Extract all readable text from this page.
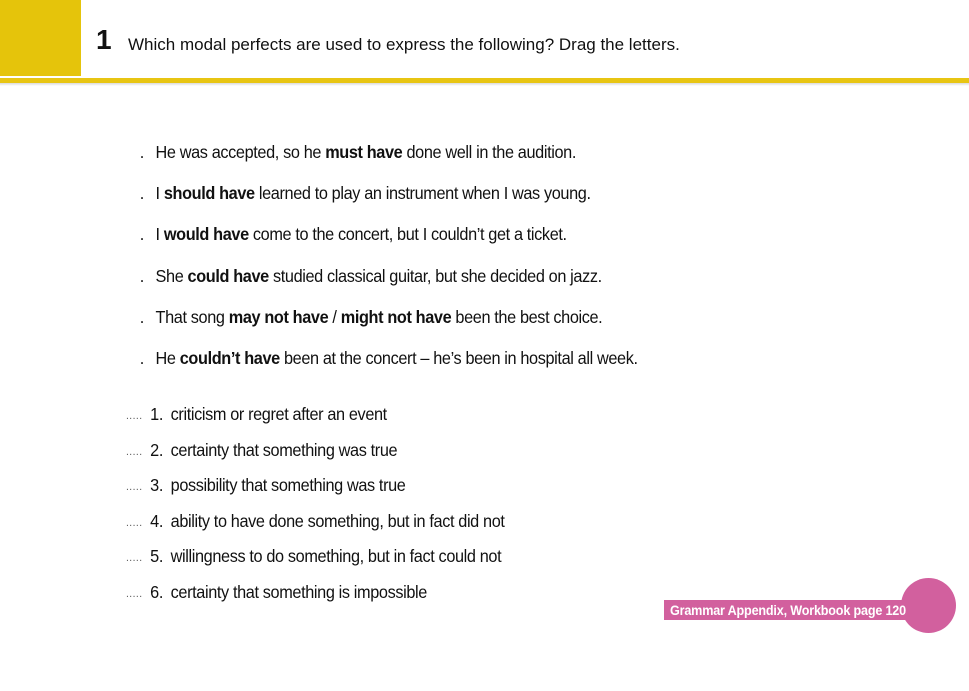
1 Which modal perfects are used to express the following? Drag the letters.
. He was accepted, so he must have done well in the audition.
. I should have learned to play an instrument when I was young.
. I would have come to the concert, but I couldn’t get a ticket.
. She could have studied classical guitar, but she decided on jazz.
. That song may not have / might not have been the best choice.
. He couldn’t have been at the concert – he’s been in hospital all week.
..... 1. criticism or regret after an event
..... 2. certainty that something was true
..... 3. possibility that something was true
..... 4. ability to have done something, but in fact did not
..... 5. willingness to do something, but in fact could not
..... 6. certainty that something is impossible
Grammar Appendix, Workbook page 120
